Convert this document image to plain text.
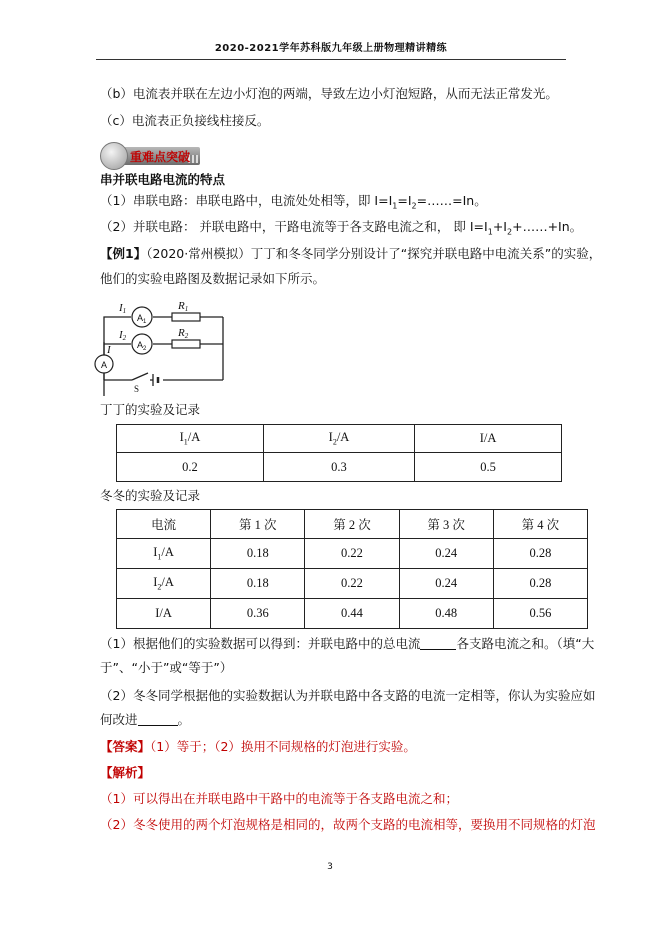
2020-2021学年苏科版九年级上册物理精讲精练
（b）电流表并联在左边小灯泡的两端，导致左边小灯泡短路，从而无法正常发光。
（c）电流表正负接线柱接反。
重难点突破
串并联电路电流的特点
（1）串联电路：串联电路中，电流处处相等，即 $I=I_1=I_2=\dots\dots=In$。
（2）并联电路： 并联电路中，干路电流等于各支路电流之和， 即 $I=I_1+I_2+\dots\dots+In$。
【例1】（2020·常州模拟）丁丁和冬冬同学分别设计了“探究并联电路中电流关系”的实验，
他们的实验电路图及数据记录如下所示。
I1
I2
I
R1
R2
S
$A_1$
$A_2$
A
丁丁的实验及记录
$I_1/A$	$I_2/A$	I/A
0.2	0.3	0.5
冬冬的实验及记录
电流	第 1 次	第 2 次	第 3 次	第 4 次
$I_1/A$	0.18	0.22	0.24	0.28
$I_2/A$	0.18	0.22	0.24	0.28
I/A	0.36	0.44	0.48	0.56
（1）根据他们的实验数据可以得到：并联电路中的总电流	各支路电流之和。（填“大
于”、“小于”或“等于”）
（2）冬冬同学根据他的实验数据认为并联电路中各支路的电流一定相等，你认为实验应如
何改进	。
【答案】（1）等于；（2）换用不同规格的灯泡进行实验。
【解析】
（1）可以得出在并联电路中干路中的电流等于各支路电流之和；
（2）冬冬使用的两个灯泡规格是相同的，故两个支路的电流相等，要换用不同规格的灯泡
3
